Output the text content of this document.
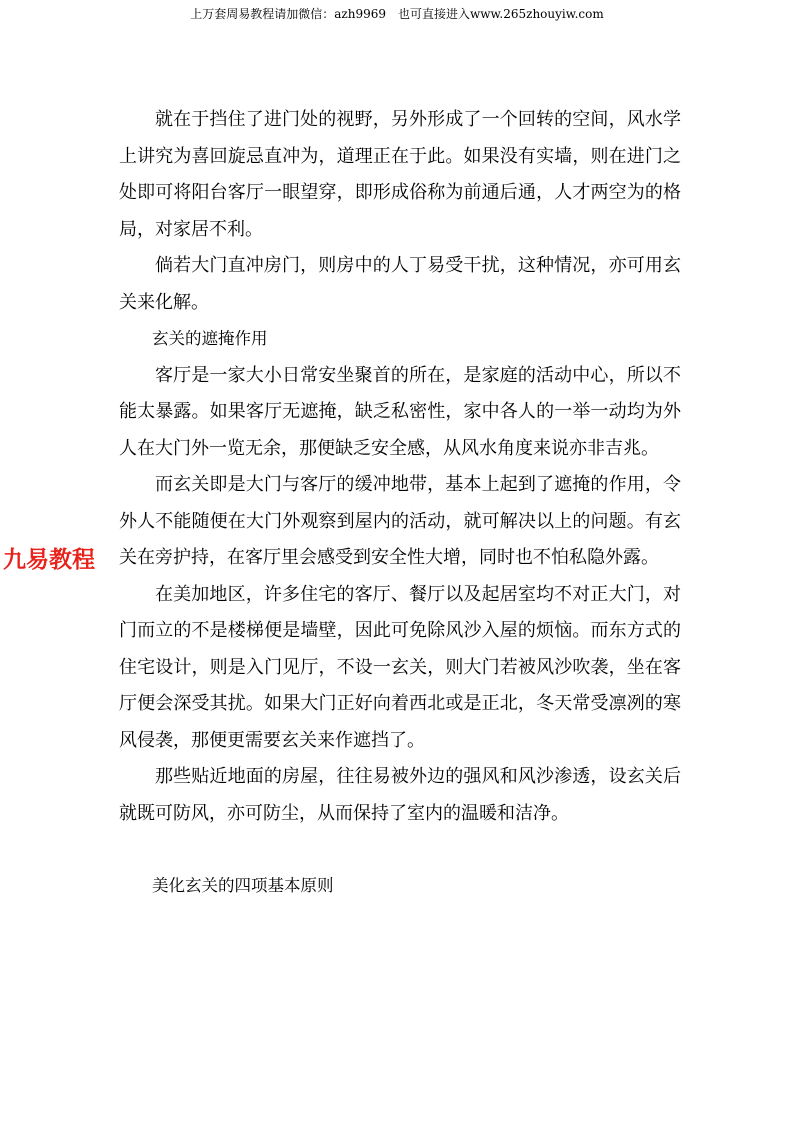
上万套周易教程请加微信：azh9969　也可直接进入www.265zhouyiw.com
九易教程

就在于挡住了进门处的视野，另外形成了一个回转的空间，风水学上讲究为喜回旋忌直冲为，道理正在于此。如果没有实墙，则在进门之处即可将阳台客厅一眼望穿，即形成俗称为前通后通，人才两空为的格局，对家居不利。

倘若大门直冲房门，则房中的人丁易受干扰，这种情况，亦可用玄关来化解。

玄关的遮掩作用

客厅是一家大小日常安坐聚首的所在，是家庭的活动中心，所以不能太暴露。如果客厅无遮掩，缺乏私密性，家中各人的一举一动均为外人在大门外一览无余，那便缺乏安全感，从风水角度来说亦非吉兆。

而玄关即是大门与客厅的缓冲地带，基本上起到了遮掩的作用，令外人不能随便在大门外观察到屋内的活动，就可解决以上的问题。有玄关在旁护持，在客厅里会感受到安全性大增，同时也不怕私隐外露。

在美加地区，许多住宅的客厅、餐厅以及起居室均不对正大门，对门而立的不是楼梯便是墙壁，因此可免除风沙入屋的烦恼。而东方式的住宅设计，则是入门见厅，不设一玄关，则大门若被风沙吹袭，坐在客厅便会深受其扰。如果大门正好向着西北或是正北，冬天常受凛冽的寒风侵袭，那便更需要玄关来作遮挡了。

那些贴近地面的房屋，往往易被外边的强风和风沙渗透，设玄关后就既可防风，亦可防尘，从而保持了室内的温暖和洁净。

美化玄关的四项基本原则
